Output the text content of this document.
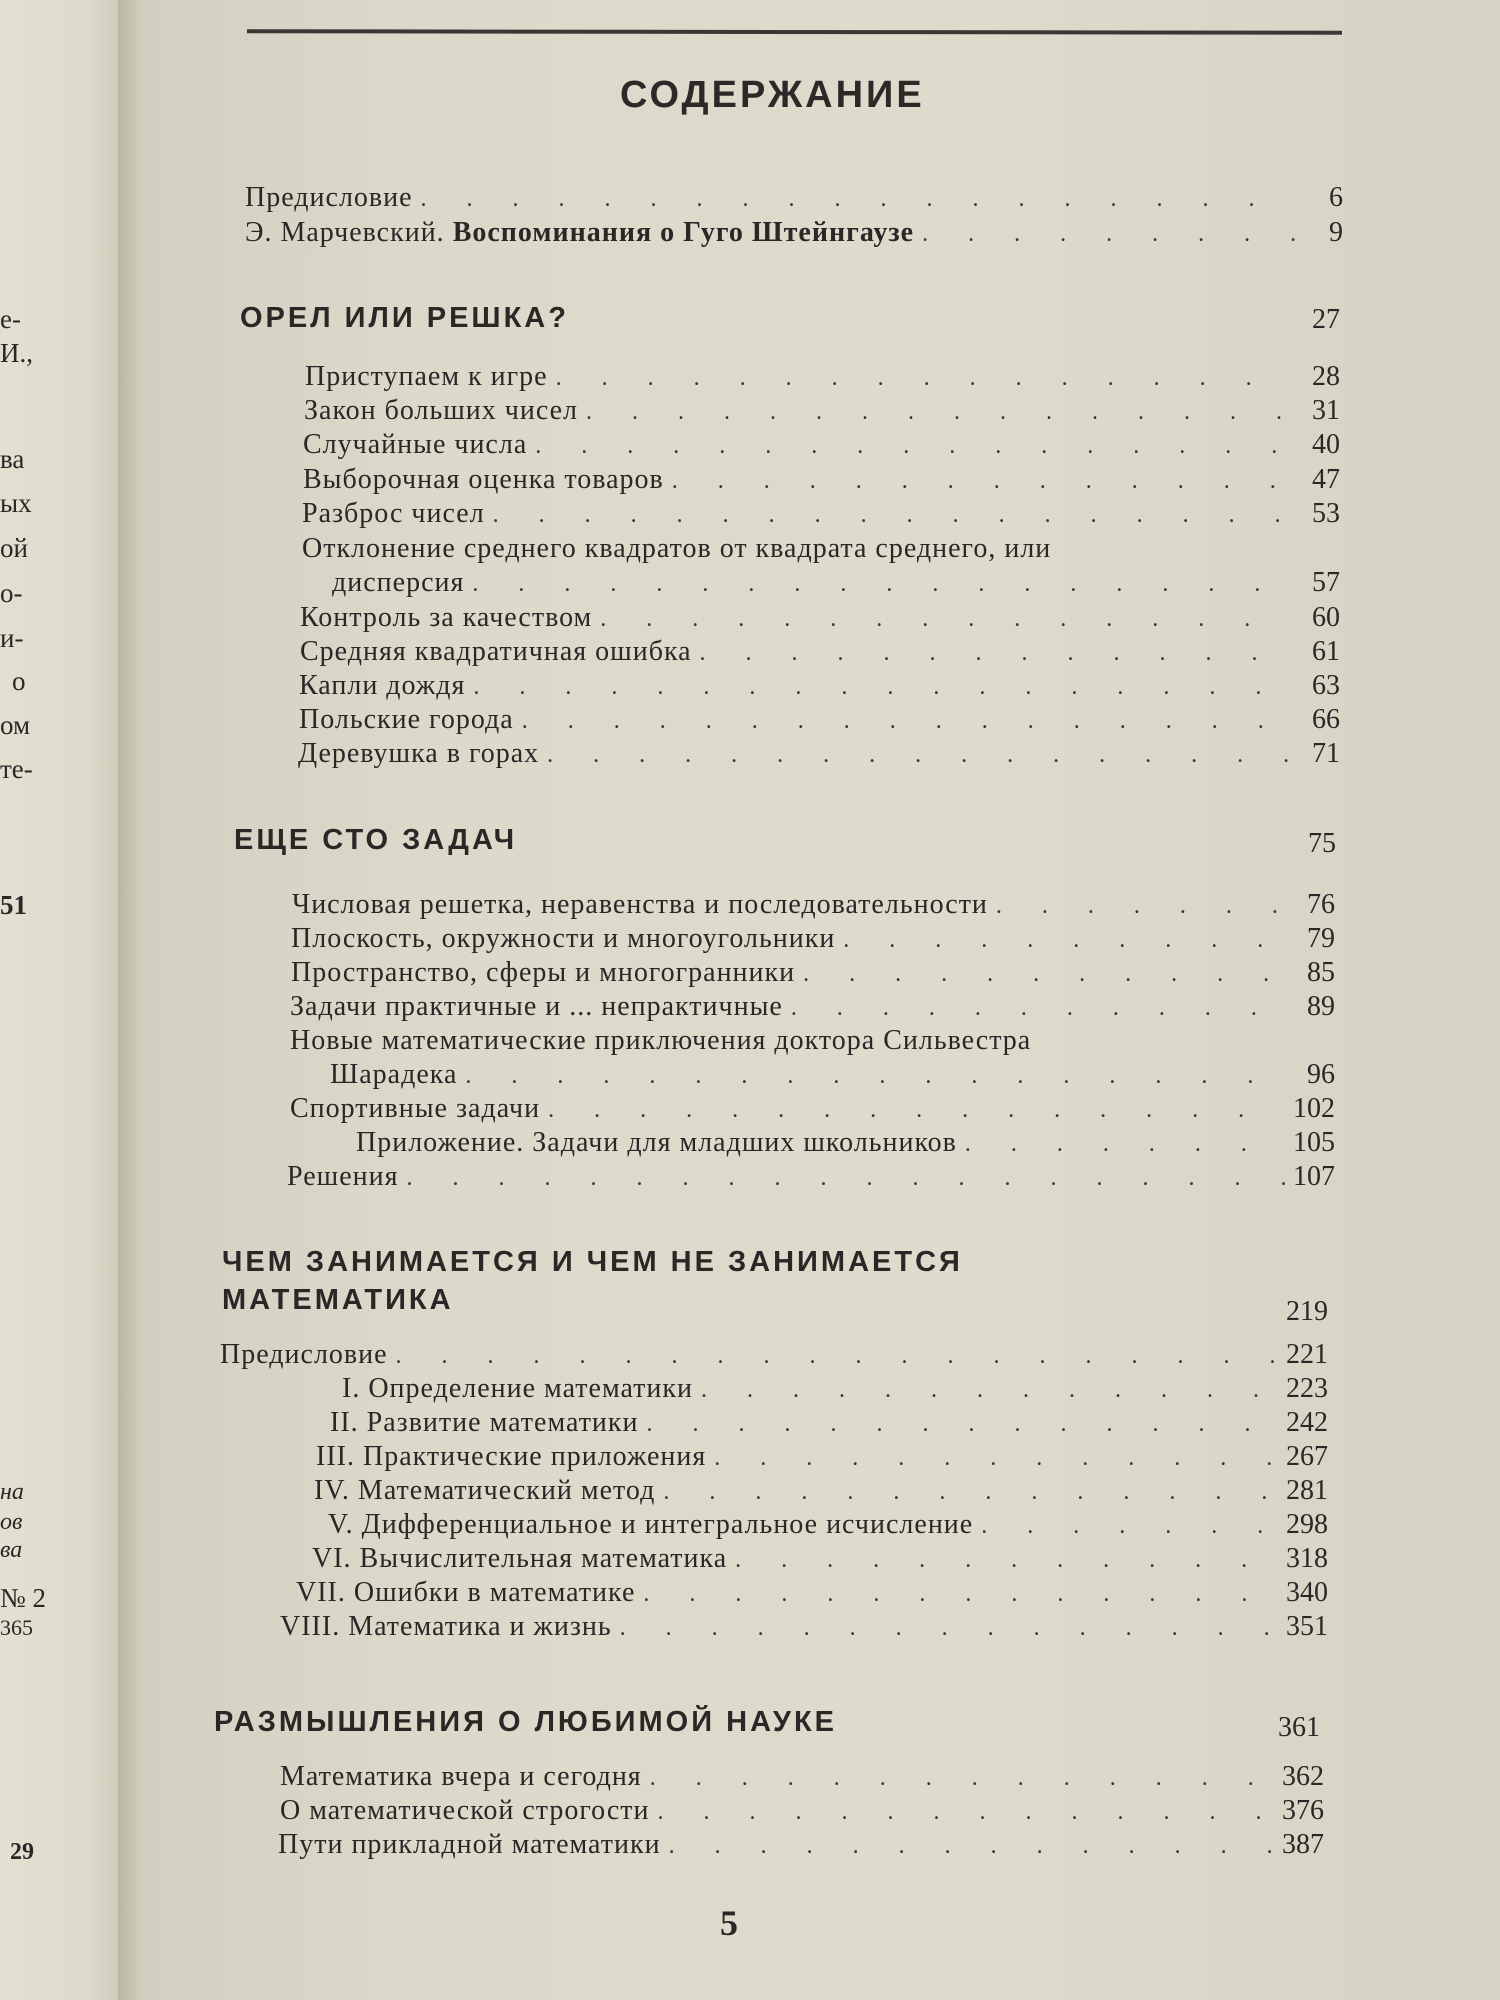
е-
И.,
ва
ых
ой
о-
и-
о
ом
те-
51
на
ов
ва
№ 2
365
29
СОДЕРЖАНИЕ
Предисловие . . .	6
Э. Марчевский. Воспоминания о Гуго Штейнгаузе . . .	9
ОРЕЛ ИЛИ РЕШКА?	27
Приступаем к игре . . .	28
Закон больших чисел . . .	31
Случайные числа . . .	40
Выборочная оценка товаров . . .	47
Разброс чисел . . .	53
Отклонение среднего квадратов от квадрата среднего, или
дисперсия . . .	57
Контроль за качеством . . .	60
Средняя квадратичная ошибка . . .	61
Капли дождя . . .	63
Польские города . . .	66
Деревушка в горах . . .	71
ЕЩЕ СТО ЗАДАЧ	75
Числовая решетка, неравенства и последовательности . . .	76
Плоскость, окружности и многоугольники . . .	79
Пространство, сферы и многогранники . . .	85
Задачи практичные и ... непрактичные . . .	89
Новые математические приключения доктора Сильвестра
Шарадека . . .	96
Спортивные задачи . . .	102
Приложение. Задачи для младших школьников . . .	105
Решения . . .	107
ЧЕМ ЗАНИМАЕТСЯ И ЧЕМ НЕ ЗАНИМАЕТСЯ
МАТЕМАТИКА	219
Предисловие . . .	221
I. Определение математики . . .	223
II. Развитие математики . . .	242
III. Практические приложения . . .	267
IV. Математический метод . . .	281
V. Дифференциальное и интегральное исчисление . . .	298
VI. Вычислительная математика . . .	318
VII. Ошибки в математике . . .	340
VIII. Математика и жизнь . . .	351
РАЗМЫШЛЕНИЯ О ЛЮБИМОЙ НАУКЕ	361
Математика вчера и сегодня . . .	362
О математической строгости . . .	376
Пути прикладной математики . . .	387
5
